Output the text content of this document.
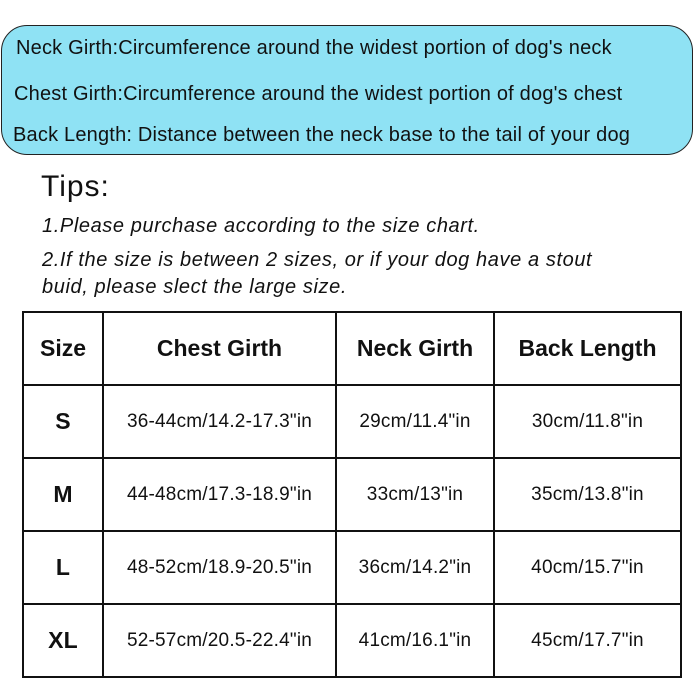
Neck Girth:Circumference around the widest portion of dog's neck
Chest Girth:Circumference around the widest portion of dog's chest
Back Length: Distance between the neck base to the tail of your dog
Tips:
1.Please purchase according to the size chart.
2.If the size is between 2 sizes, or if your dog have a stout
buid, please slect the large size.
Size	Chest Girth	Neck Girth	Back Length
S	36-44cm/14.2-17.3"in	29cm/11.4"in	30cm/11.8"in
M	44-48cm/17.3-18.9"in	33cm/13"in	35cm/13.8"in
L	48-52cm/18.9-20.5"in	36cm/14.2"in	40cm/15.7"in
XL	52-57cm/20.5-22.4"in	41cm/16.1"in	45cm/17.7"in
